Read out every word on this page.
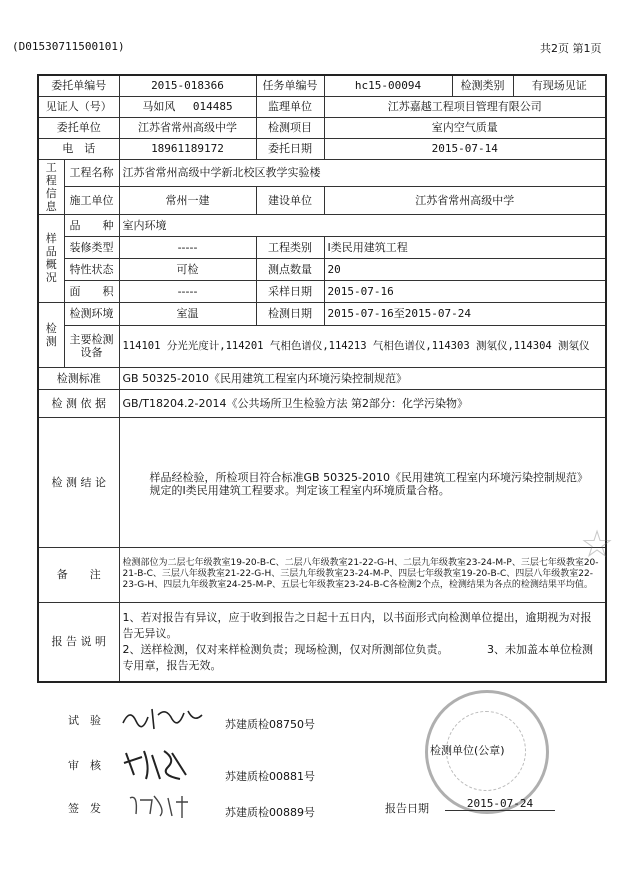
(D01530711500101)	共2页 第1页
委托单编号		2015-018366	任务单编号	hc15-00094	检测类别	有现场见证
见证人（号）		马如风 014485	监理单位	江苏嘉越工程项目管理有限公司		
委托单位		江苏省常州高级中学	检测项目	室内空气质量		
电　话		18961189172	委托日期	2015-07-14		
工程信息	工程名称	江苏省常州高级中学新北校区教学实验楼				
	施工单位	常州一建	建设单位	江苏省常州高级中学		
样品概况	品　　种	室内环境				
	装修类型	-----	工程类别	Ⅰ类民用建筑工程		
	特性状态	可检	测点数量	20		
	面　　积	-----	采样日期	2015-07-16		
检测	检测环境	室温	检测日期	2015-07-16至2015-07-24		
	主要检测设备	114101 分光光度计,114201 气相色谱仪,114213 气相色谱仪,114303 测氡仪,114304 测氡仪				
检测标准		GB 50325-2010《民用建筑工程室内环境污染控制规范》				
检 测 依 据		GB/T18204.2-2014《公共场所卫生检验方法 第2部分：化学污染物》				
检 测 结 论		样品经检验，所检项目符合标准GB 50325-2010《民用建筑工程室内环境污染控制规范》规定的Ⅰ类民用建筑工程要求。判定该工程室内环境质量合格。				
备　　注		检测部位为二层七年级教室19-20-B-C、二层八年级教室21-22-G-H、二层九年级教室23-24-M-P、三层七年级教室20-21-B-C、三层八年级教室21-22-G-H、三层九年级教室23-24-M-P、四层七年级教室19-20-B-C、四层八年级教室22-23-G-H、四层九年级教室24-25-M-P、五层七年级教室23-24-B-C各检测2个点，检测结果为各点的检测结果平均值。				
报 告 说 明		1、若对报告有异议，应于收到报告之日起十五日内，以书面形式向检测单位提出，逾期视为对报告无异议。
2、送样检测，仅对来样检测负责；现场检测，仅对所测部位负责。　　　　3、未加盖本单位检测专用章，报告无效。				
试　验	苏建质检08750号
审　核
苏建质检00881号
签　发	苏建质检00889号
检测单位(公章)
☆
报告日期	2015-07-24
